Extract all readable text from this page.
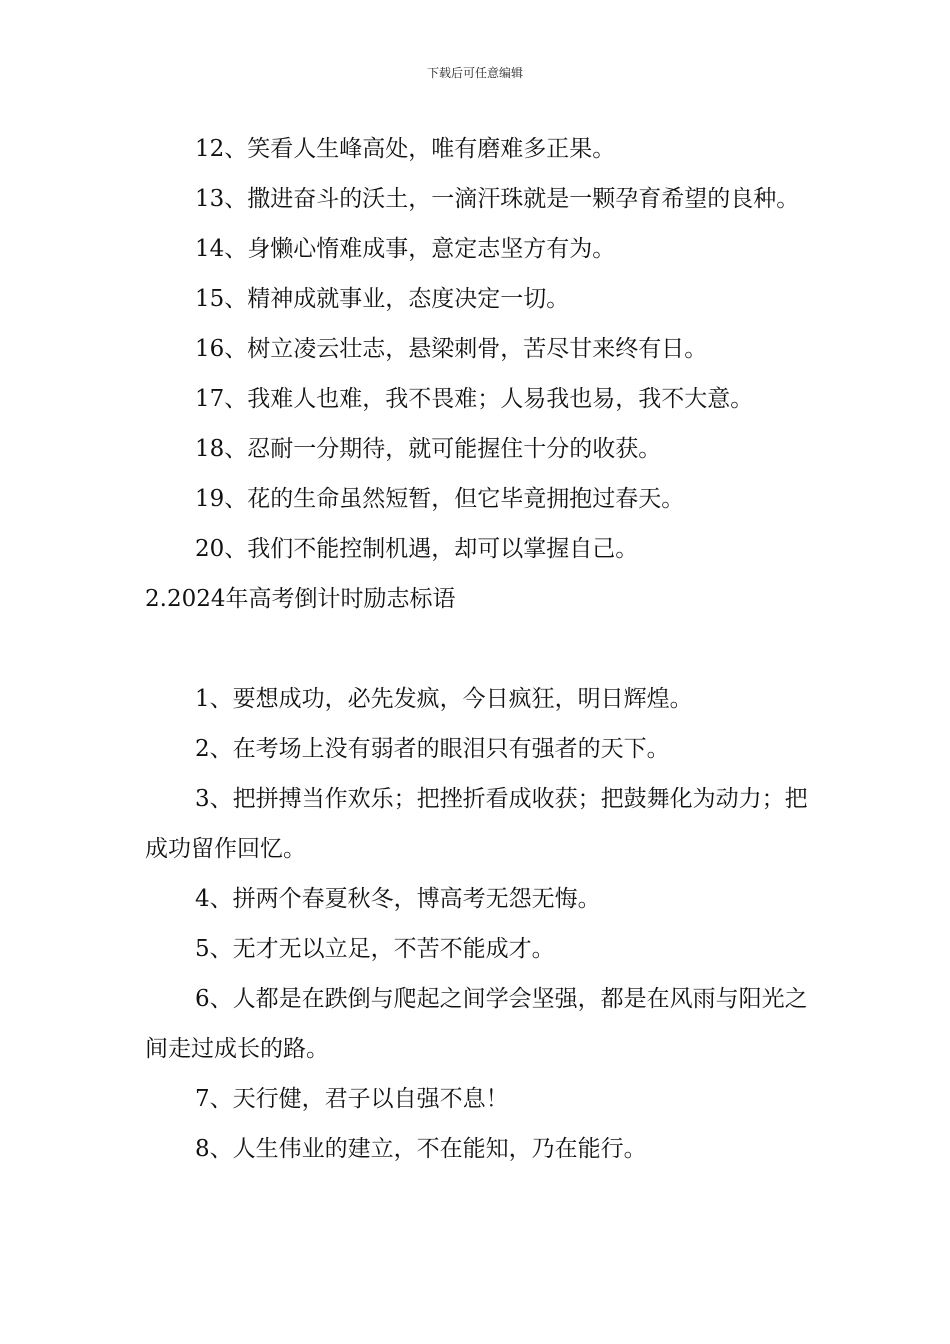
下载后可任意编辑

12、笑看人生峰高处，唯有磨难多正果。

13、撒进奋斗的沃土，一滴汗珠就是一颗孕育希望的良种。

14、身懒心惰难成事，意定志坚方有为。

15、精神成就事业，态度决定一切。

16、树立凌云壮志，悬梁刺骨，苦尽甘来终有日。

17、我难人也难，我不畏难；人易我也易，我不大意。

18、忍耐一分期待，就可能握住十分的收获。

19、花的生命虽然短暂，但它毕竟拥抱过春天。

20、我们不能控制机遇，却可以掌握自己。

2.2024年高考倒计时励志标语

1、要想成功，必先发疯，今日疯狂，明日辉煌。

2、在考场上没有弱者的眼泪只有强者的天下。

3、把拼搏当作欢乐；把挫折看成收获；把鼓舞化为动力；把成功留作回忆。

4、拼两个春夏秋冬，博高考无怨无悔。

5、无才无以立足，不苦不能成才。

6、人都是在跌倒与爬起之间学会坚强，都是在风雨与阳光之间走过成长的路。

7、天行健，君子以自强不息！

8、人生伟业的建立，不在能知，乃在能行。
